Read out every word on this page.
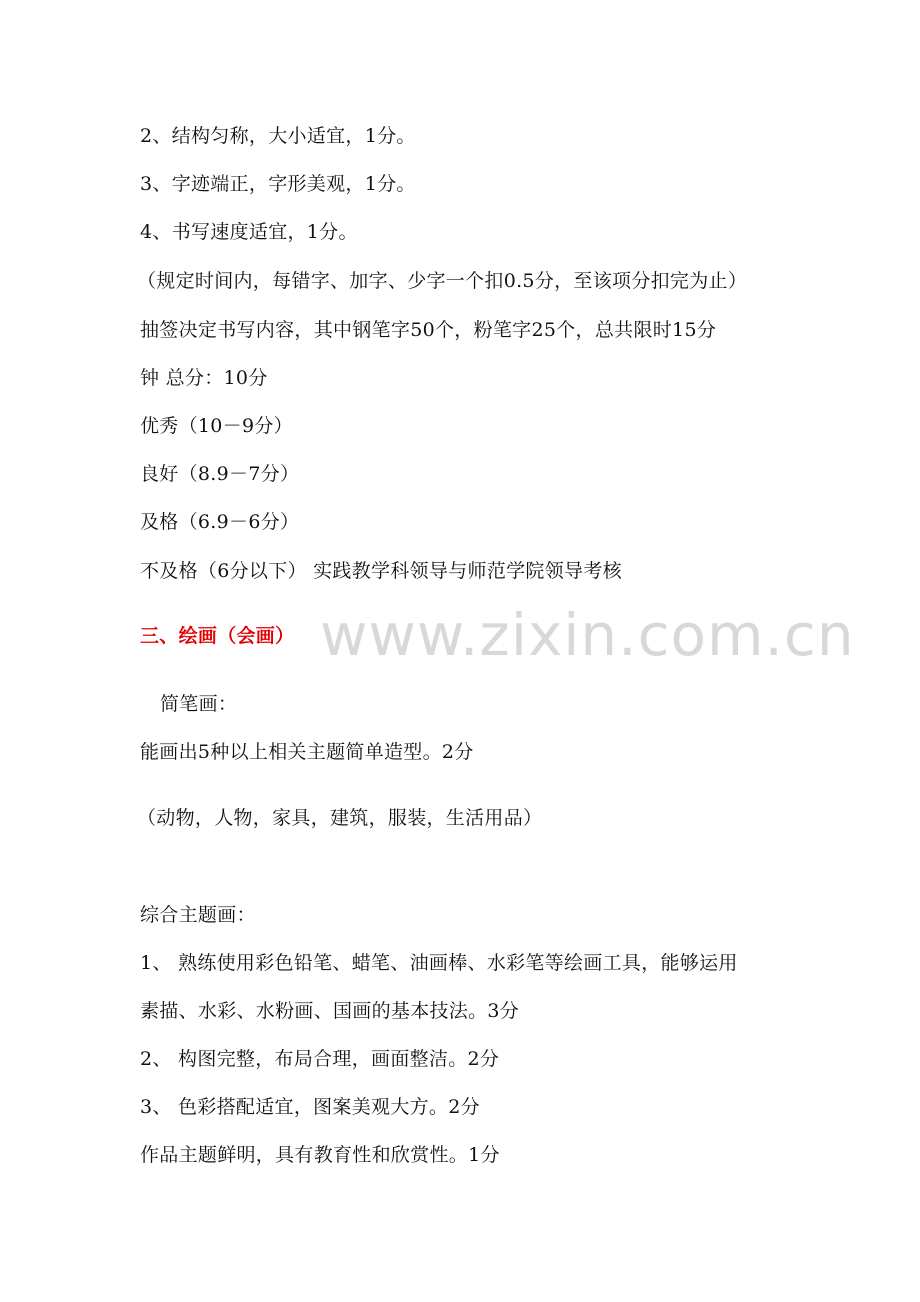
www.zixin.com.cn
2、结构匀称，大小适宜，1分。
3、字迹端正，字形美观，1分。
4、书写速度适宜，1分。
（规定时间内，每错字、加字、少字一个扣0.5分，至该项分扣完为止）
抽签决定书写内容，其中钢笔字50个，粉笔字25个，总共限时15分
钟 总分：10分
优秀（10－9分）
良好（8.9－7分）
及格（6.9－6分）
不及格（6分以下） 实践教学科领导与师范学院领导考核
三、绘画（会画）
简笔画：
能画出5种以上相关主题简单造型。2分
（动物，人物，家具，建筑，服装，生活用品）
综合主题画：
1、 熟练使用彩色铅笔、蜡笔、油画棒、水彩笔等绘画工具，能够运用
素描、水彩、水粉画、国画的基本技法。3分
2、 构图完整，布局合理，画面整洁。2分
3、 色彩搭配适宜，图案美观大方。2分
作品主题鲜明，具有教育性和欣赏性。1分
